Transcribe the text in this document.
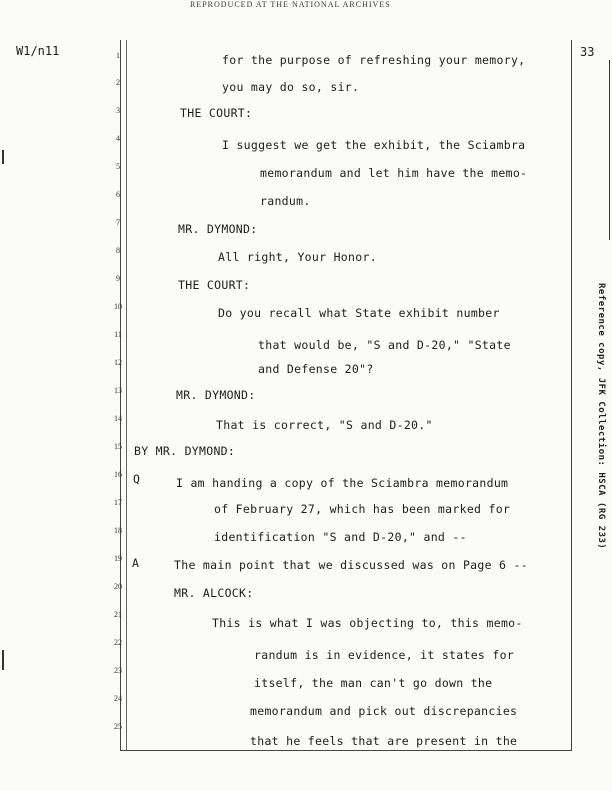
REPRODUCED AT THE NATIONAL ARCHIVES
W1/n11	33
1
2
3
4
5
6
7
8
9
10
11
12
13
14
15
16
17
18
19
20
21
22
23
24
25
for the purpose of refreshing your memory,
you may do so, sir.
THE COURT:
I suggest we get the exhibit, the Sciambra
memorandum and let him have the memo-
randum.
MR. DYMOND:
All right, Your Honor.
THE COURT:
Do you recall what State exhibit number
that would be, "S and D-20," "State
and Defense 20"?
MR. DYMOND:
That is correct, "S and D-20."
BY MR. DYMOND:
Q	I am handing a copy of the Sciambra memorandum
of February 27, which has been marked for
identification "S and D-20," and --
A	The main point that we discussed was on Page 6 --
MR. ALCOCK:
This is what I was objecting to, this memo-
randum is in evidence, it states for
itself, the man can't go down the
memorandum and pick out discrepancies
that he feels that are present in the
Reference copy, JFK Collection: HSCA (RG 233)
